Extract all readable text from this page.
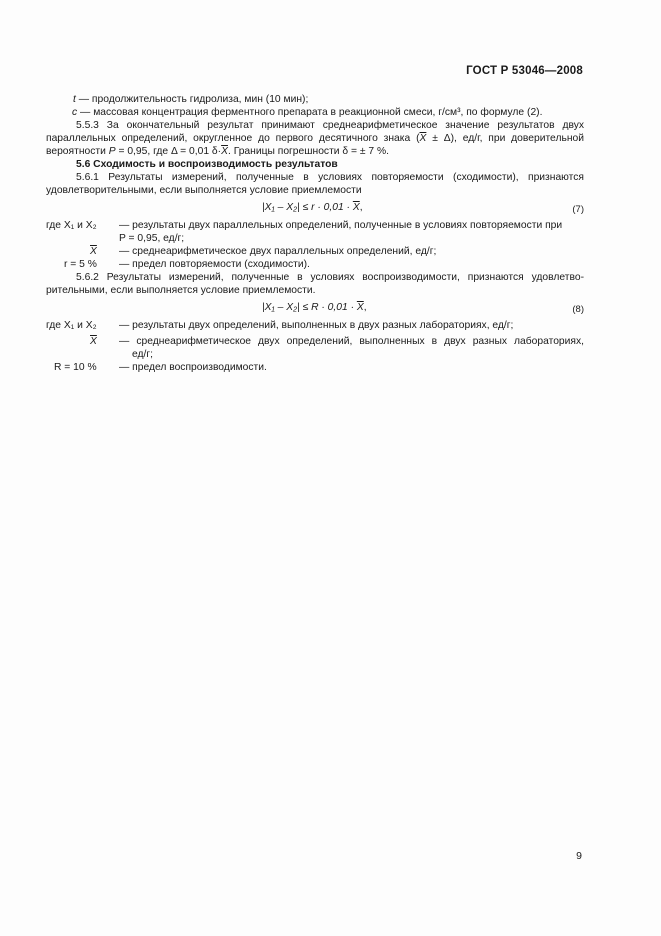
ГОСТ Р 53046—2008
t — продолжительность гидролиза, мин (10 мин);
c — массовая концентрация ферментного препарата в реакционной смеси, г/см³, по формуле (2).
5.5.3 За окончательный результат принимают среднеарифметическое значение результатов двух
параллельных определений, округленное до первого десятичного знака $(\overline{X} \pm \Delta)$, ед/г, при доверительной
вероятности P = 0,95, где Δ = 0,01 $\delta\cdot\overline{X}$. Границы погрешности δ = ± 7 %.
5.6 Сходимость и воспроизводимость результатов
5.6.1 Результаты измерений, полученные в условиях повторяемости (сходимости), признаются
удовлетворительными, если выполняется условие приемлемости
$|X_1 - X_2| \le r \cdot 0,01 \cdot \overline{X}$,	(7)
где X₁ и X₂ — результаты двух параллельных определений, полученные в условиях повторяемости при
P = 0,95, ед/г;
$\overline{X}$ — среднеарифметическое двух параллельных определений, ед/г;
r = 5 % — предел повторяемости (сходимости).
5.6.2 Результаты измерений, полученные в условиях воспроизводимости, признаются удовлетво-
рительными, если выполняется условие приемлемости.
$|X_1 - X_2| \le R \cdot 0,01 \cdot \overline{X}$,	(8)
где X₁ и X₂ — результаты двух определений, выполненных в двух разных лабораториях, ед/г;
$\overline{X}$ — среднеарифметическое двух определений, выполненных в двух разных лабораториях,
ед/г;
R = 10 % — предел воспроизводимости.
9
